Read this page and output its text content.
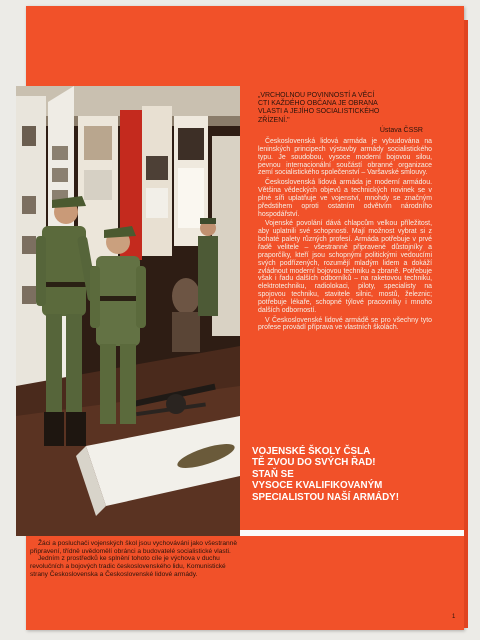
„VRCHOLNOU POVINNOSTÍ A VĚCÍ
CTI KAŽDÉHO OBČANA JE OBRANA
VLASTI A JEJÍHO SOCIALISTICKÉHO
ZŘÍZENÍ."
Ústava ČSSR

Československá lidová armáda je vybudována na leninských principech výstavby armády socialistického typu. Je soudobou, vysoce moderní bojovou silou, pevnou internacionální součástí obranné organizace zemí socialistického společenství – Varšavské smlouvy.

Československá lidová armáda je moderní armádou. Většina vědeckých objevů a technických novinek se v plné síři uplatňuje ve vojenství, mnohdy se značným předstihem oproti ostatním odvětvím národního hospodářství.

Vojenské povolání dává chlapcům velkou příležitost, aby uplatnili své schopnosti. Mají možnost vybrat si z bohaté palety různých profesí. Armáda potřebuje v prvé řadě velitele – všestranně připravené důstojníky a praporčíky, kteří jsou schopnými politickými vedoucími svých podřízených, rozumějí mladým lidem a dokáží zvládnout moderní bojovou techniku a zbraně. Potřebuje však i řadu dalších odborníků – na raketovou techniku, elektrotechniku, radiolokaci, piloty, specialisty na spojovou techniku, stavitele silnic, mostů, železnic; potřebuje lékaře, schopné týlové pracovníky i mnoho dalších odborností.

V Československé lidové armádě se pro všechny tyto profese provádí příprava ve vlastních školách.

VOJENSKÉ ŠKOLY ČSLA
TĚ ZVOU DO SVÝCH ŘAD!
STAŇ SE
VYSOCE KVALIFIKOVANÝM
SPECIALISTOU NAŠÍ ARMÁDY!

Žáci a posluchači vojenských škol jsou vychováváni jako všestranně připravení, třídně uvědomělí obránci a budovatelé socialistické vlasti.

Jedním z prostředků ke splnění tohoto cíle je výchova v duchu revolučních a bojových tradic československého lidu, Komunistické strany Československa a Československé lidové armády.

1
